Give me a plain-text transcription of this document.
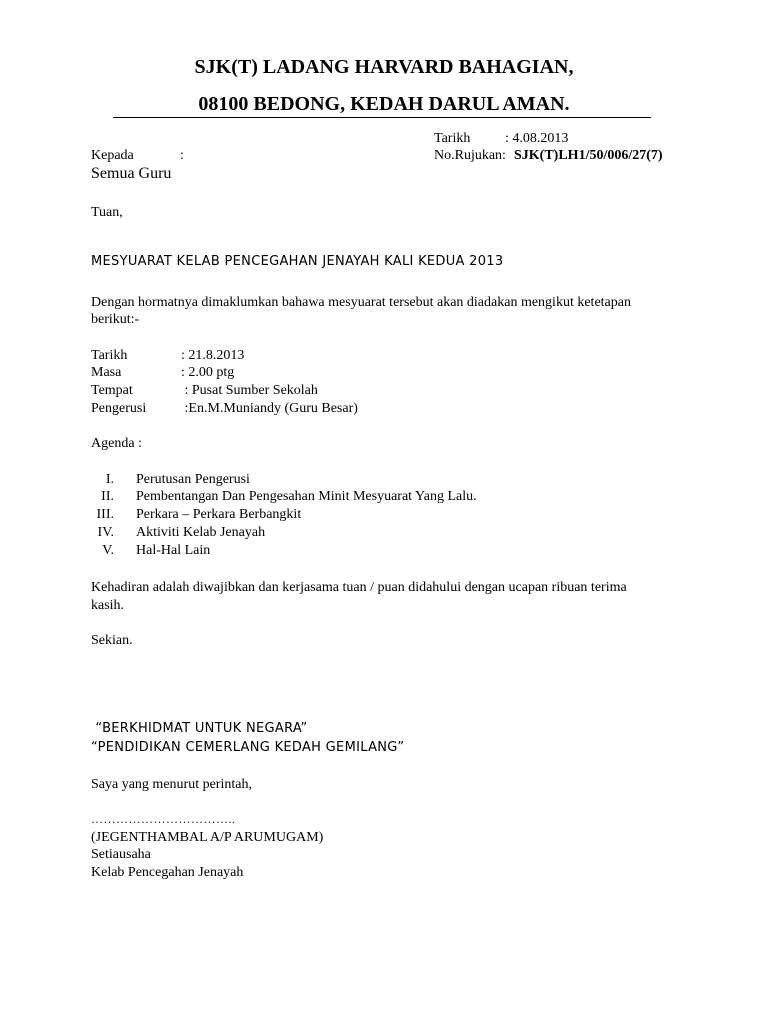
SJK(T) LADANG HARVARD BAHAGIAN,
08100 BEDONG, KEDAH DARUL AMAN.
Tarikh : 4.08.2013
No.Rujukan: SJK(T)LH1/50/006/27(7)
Kepada	:
Semua Guru
Tuan,
MESYUARAT KELAB PENCEGAHAN JENAYAH KALI KEDUA 2013
Dengan hormatnya dimaklumkan bahawa mesyuarat tersebut akan diadakan mengikut ketetapan
berikut:-
Tarikh	: 21.8.2013
Masa	: 2.00 ptg
Tempat	: Pusat Sumber Sekolah
Pengerusi :En.M.Muniandy (Guru Besar)
Agenda :
I. Perutusan Pengerusi
II. Pembentangan Dan Pengesahan Minit Mesyuarat Yang Lalu.
III. Perkara – Perkara Berbangkit
IV. Aktiviti Kelab Jenayah
V. Hal-Hal Lain
Kehadiran adalah diwajibkan dan kerjasama tuan / puan didahului dengan ucapan ribuan terima
kasih.
Sekian.
“BERKHIDMAT UNTUK NEGARA”
“PENDIDIKAN CEMERLANG KEDAH GEMILANG”
Saya yang menurut perintah,
……………………………..
(JEGENTHAMBAL A/P ARUMUGAM)
Setiausaha
Kelab Pencegahan Jenayah
